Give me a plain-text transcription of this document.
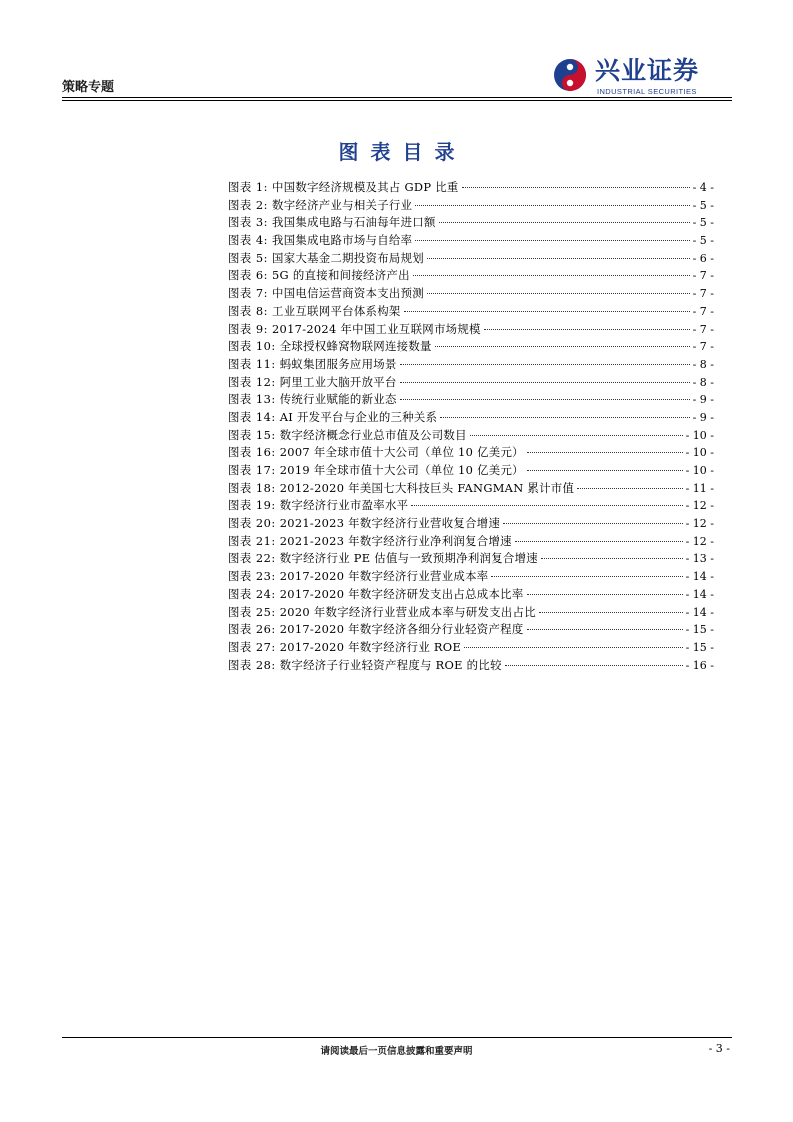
策略专题
兴业证券
INDUSTRIAL SECURITIES
图表目录
图表 1: 中国数字经济规模及其占 GDP 比重	- 4 -
图表 2: 数字经济产业与相关子行业	- 5 -
图表 3: 我国集成电路与石油每年进口额	- 5 -
图表 4: 我国集成电路市场与自给率	- 5 -
图表 5: 国家大基金二期投资布局规划	- 6 -
图表 6: 5G 的直接和间接经济产出	- 7 -
图表 7: 中国电信运营商资本支出预测	- 7 -
图表 8: 工业互联网平台体系构架	- 7 -
图表 9: 2017-2024 年中国工业互联网市场规模	- 7 -
图表 10: 全球授权蜂窝物联网连接数量	- 7 -
图表 11: 蚂蚁集团服务应用场景	- 8 -
图表 12: 阿里工业大脑开放平台	- 8 -
图表 13: 传统行业赋能的新业态	- 9 -
图表 14: AI 开发平台与企业的三种关系	- 9 -
图表 15: 数字经济概念行业总市值及公司数目	- 10 -
图表 16: 2007 年全球市值十大公司（单位 10 亿美元）	- 10 -
图表 17: 2019 年全球市值十大公司（单位 10 亿美元）	- 10 -
图表 18: 2012-2020 年美国七大科技巨头 FANGMAN 累计市值	- 11 -
图表 19: 数字经济行业市盈率水平	- 12 -
图表 20: 2021-2023 年数字经济行业营收复合增速	- 12 -
图表 21: 2021-2023 年数字经济行业净利润复合增速	- 12 -
图表 22: 数字经济行业 PE 估值与一致预期净利润复合增速	- 13 -
图表 23: 2017-2020 年数字经济行业营业成本率	- 14 -
图表 24: 2017-2020 年数字经济研发支出占总成本比率	- 14 -
图表 25: 2020 年数字经济行业营业成本率与研发支出占比	- 14 -
图表 26: 2017-2020 年数字经济各细分行业轻资产程度	- 15 -
图表 27: 2017-2020 年数字经济行业 ROE	- 15 -
图表 28: 数字经济子行业轻资产程度与 ROE 的比较	- 16 -
请阅读最后一页信息披露和重要声明	- 3 -
